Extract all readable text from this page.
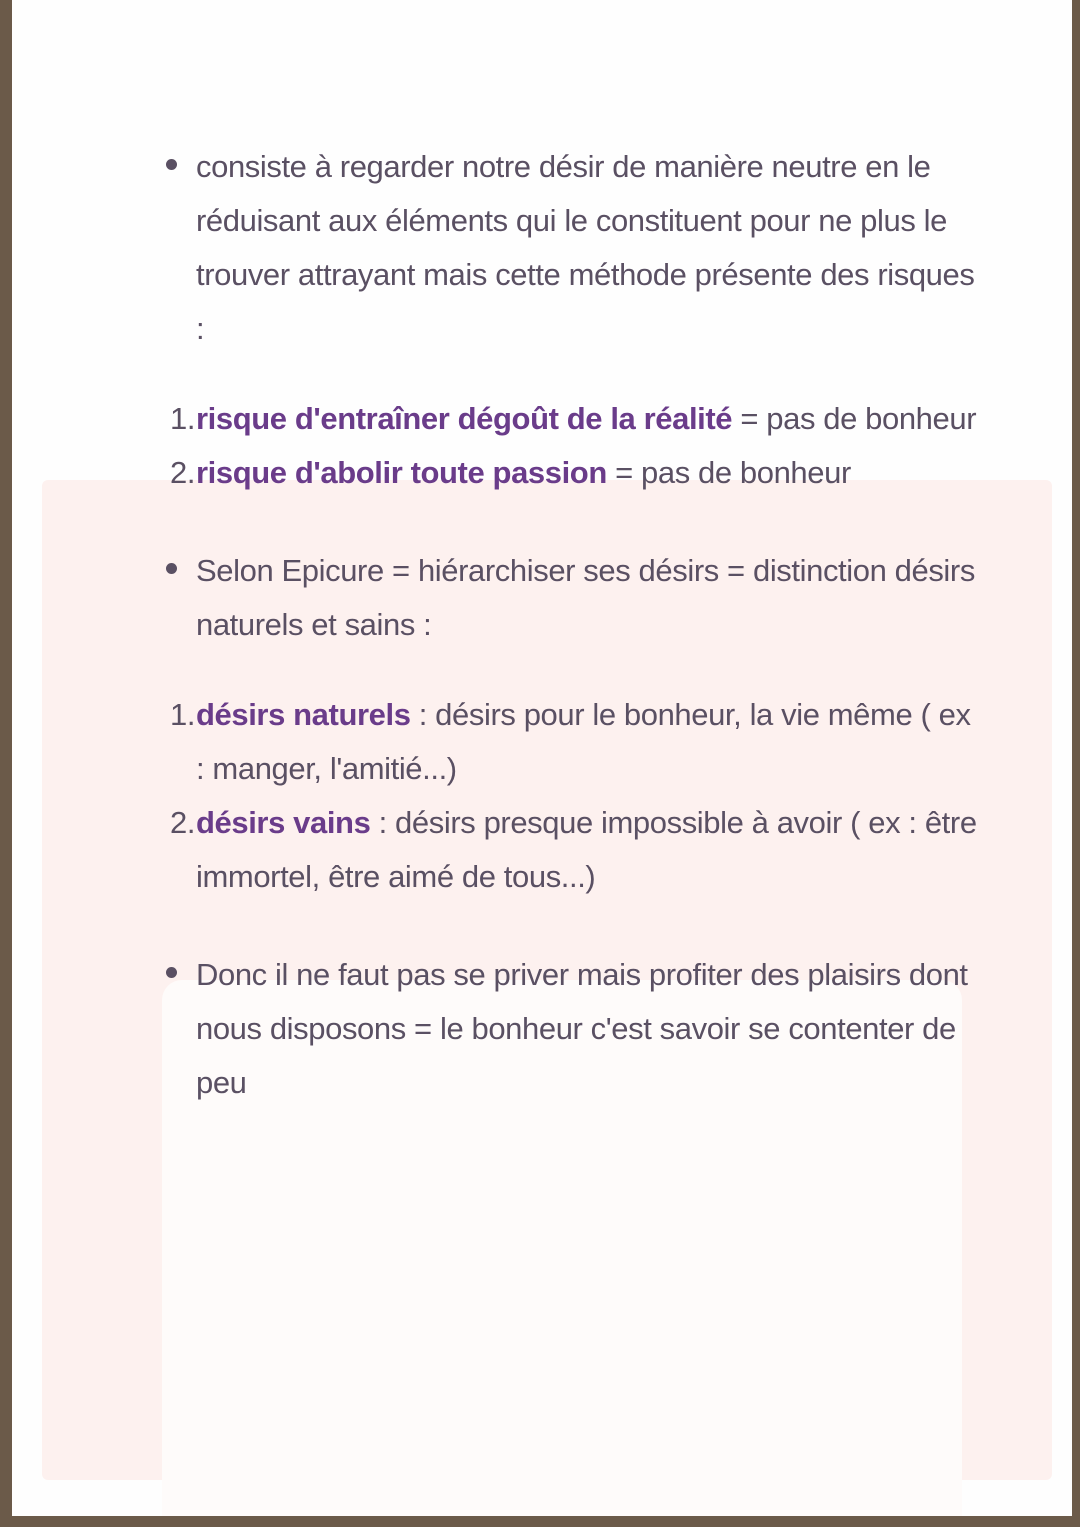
consiste à regarder notre désir de manière neutre en le réduisant aux éléments qui le constituent pour ne plus le trouver attrayant mais cette méthode présente des risques :
1. risque d'entraîner dégoût de la réalité = pas de bonheur
2. risque d'abolir toute passion = pas de bonheur
Selon Epicure = hiérarchiser ses désirs = distinction désirs naturels et sains :
1. désirs naturels : désirs pour le bonheur, la vie même ( ex : manger, l'amitié...)
2. désirs vains : désirs presque impossible à avoir ( ex : être immortel, être aimé de tous...)
Donc il ne faut pas se priver mais profiter des plaisirs dont nous disposons = le bonheur c'est savoir se contenter de peu
